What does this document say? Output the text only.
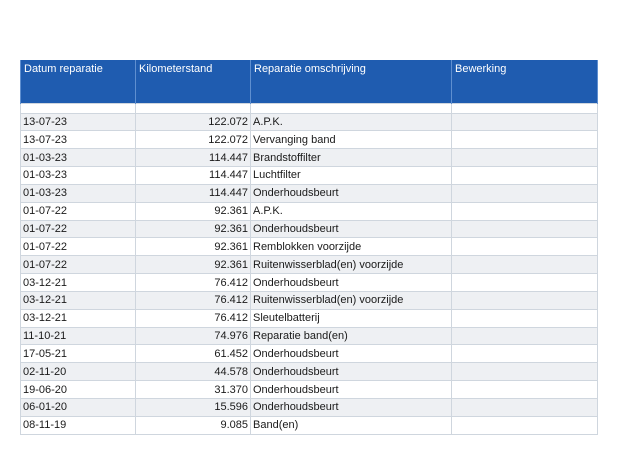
Datum reparatie	Kilometerstand	Reparatie omschrijving	Bewerking

13-07-23	122.072	A.P.K.	
13-07-23	122.072	Vervanging band	
01-03-23	114.447	Brandstoffilter	
01-03-23	114.447	Luchtfilter	
01-03-23	114.447	Onderhoudsbeurt	
01-07-22	92.361	A.P.K.	
01-07-22	92.361	Onderhoudsbeurt	
01-07-22	92.361	Remblokken voorzijde	
01-07-22	92.361	Ruitenwisserblad(en) voorzijde	
03-12-21	76.412	Onderhoudsbeurt	
03-12-21	76.412	Ruitenwisserblad(en) voorzijde	
03-12-21	76.412	Sleutelbatterij	
11-10-21	74.976	Reparatie band(en)	
17-05-21	61.452	Onderhoudsbeurt	
02-11-20	44.578	Onderhoudsbeurt	
19-06-20	31.370	Onderhoudsbeurt	
06-01-20	15.596	Onderhoudsbeurt	
08-11-19	9.085	Band(en)	
